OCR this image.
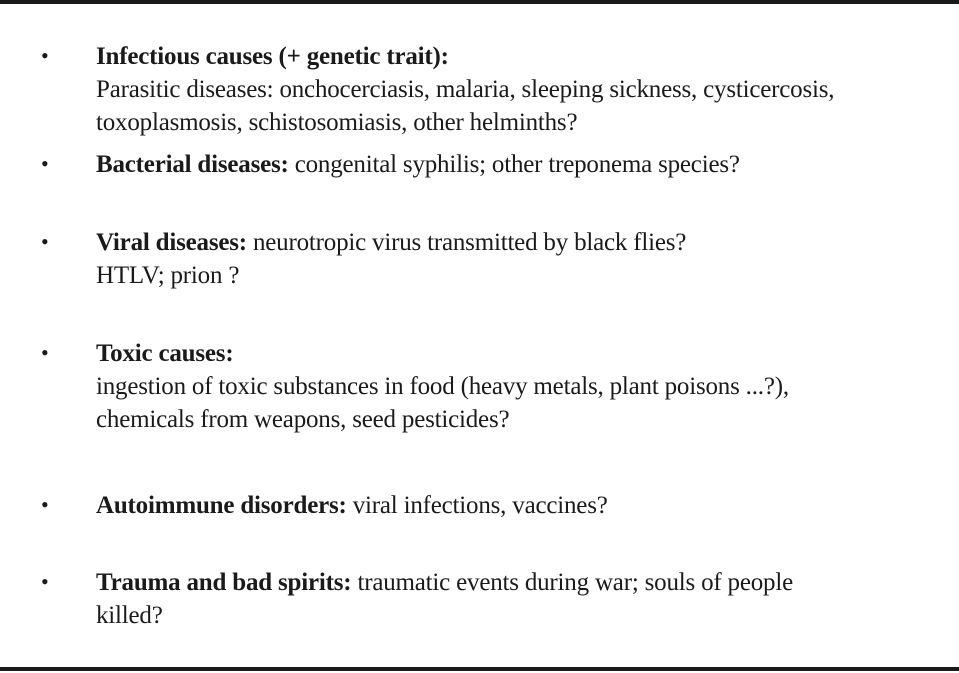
• Infectious causes (+ genetic trait):
Parasitic diseases: onchocerciasis, malaria, sleeping sickness, cysticercosis,
toxoplasmosis, schistosomiasis, other helminths?
• Bacterial diseases: congenital syphilis; other treponema species?
• Viral diseases: neurotropic virus transmitted by black flies?
HTLV; prion ?
• Toxic causes:
ingestion of toxic substances in food (heavy metals, plant poisons ...?),
chemicals from weapons, seed pesticides?
• Autoimmune disorders: viral infections, vaccines?
• Trauma and bad spirits: traumatic events during war; souls of people
killed?
